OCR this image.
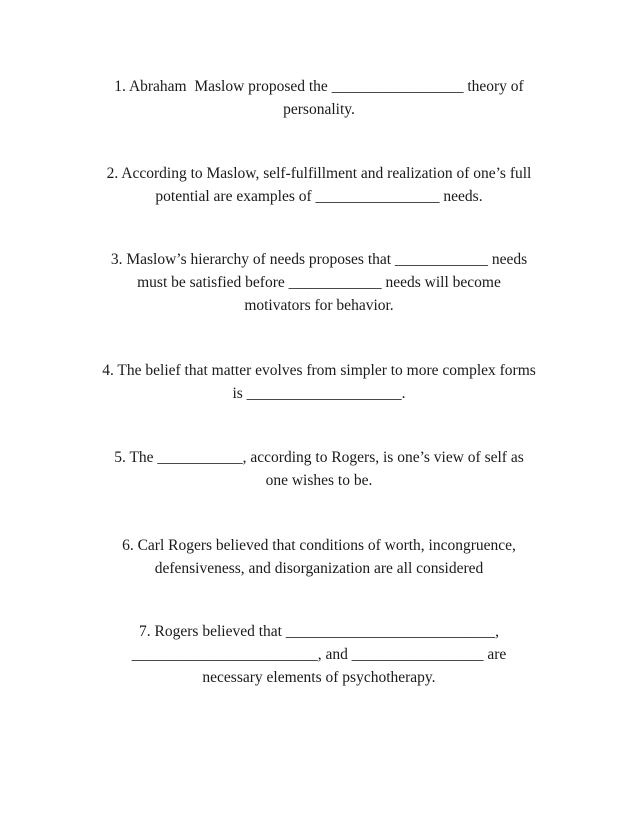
1. Abraham  Maslow proposed the _________________ theory of
personality.
2. According to Maslow, self-fulfillment and realization of one’s full
potential are examples of ________________ needs.
3. Maslow’s hierarchy of needs proposes that ____________ needs
must be satisfied before ____________ needs will become
motivators for behavior.
4. The belief that matter evolves from simpler to more complex forms
is ____________________.
5. The ___________, according to Rogers, is one’s view of self as
one wishes to be.
6. Carl Rogers believed that conditions of worth, incongruence,
defensiveness, and disorganization are all considered
7. Rogers believed that ___________________________,
________________________, and _________________ are
necessary elements of psychotherapy.
